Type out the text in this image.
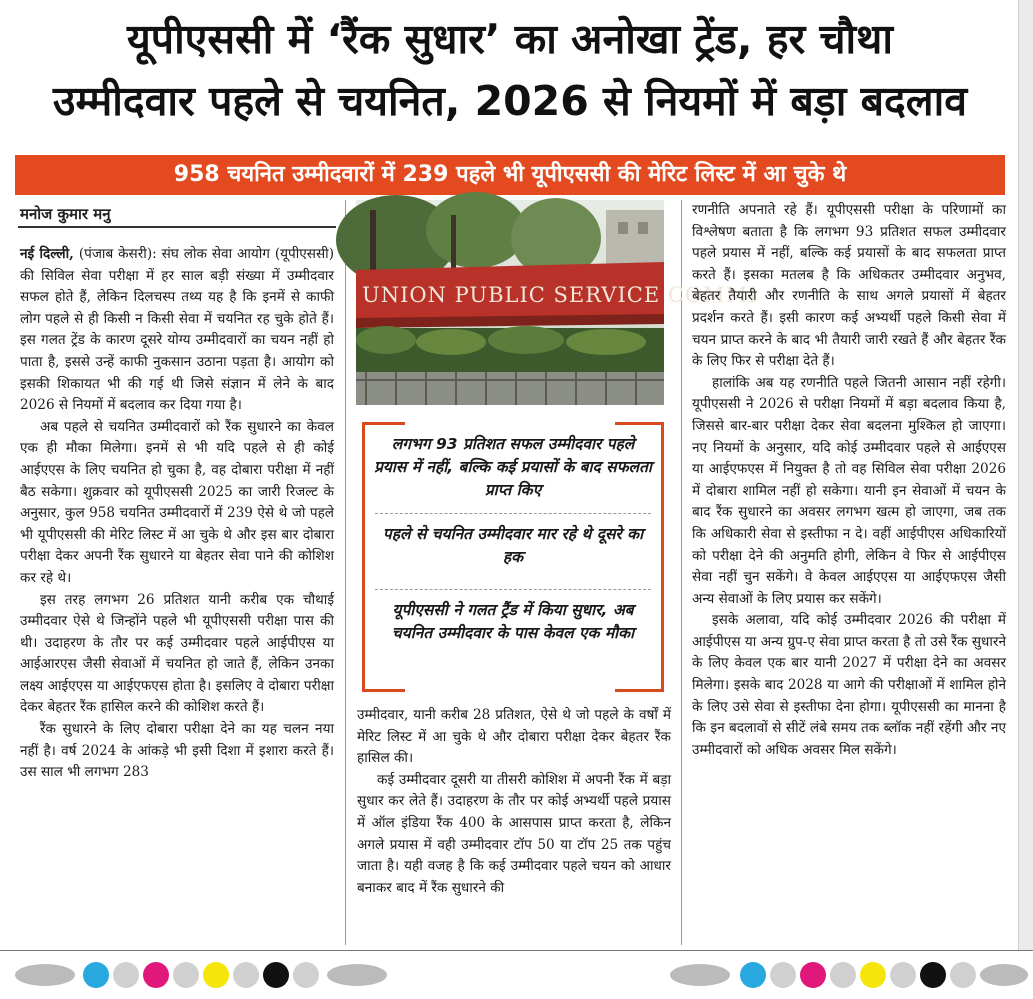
यूपीएससी में ‘रैंक सुधार’ का अनोखा ट्रेंड, हर चौथा
उम्मीदवार पहले से चयनित, 2026 से नियमों में बड़ा बदलाव
958 चयनित उम्मीदवारों में 239 पहले भी यूपीएससी की मेरिट लिस्ट में आ चुके थे
मनोज कुमार मनु

नई दिल्ली, (पंजाब केसरी): संघ लोक सेवा आयोग (यूपीएससी) की सिविल सेवा परीक्षा में हर साल बड़ी संख्या में उम्मीदवार सफल होते हैं, लेकिन दिलचस्प तथ्य यह है कि इनमें से काफी लोग पहले से ही किसी न किसी सेवा में चयनित रह चुके होते हैं। इस गलत ट्रेंड के कारण दूसरे योग्य उम्मीदवारों का चयन नहीं हो पाता है, इससे उन्हें काफी नुकसान उठाना पड़ता है। आयोग को इसकी शिकायत भी की गई थी जिसे संज्ञान में लेने के बाद 2026 से नियमों में बदलाव कर दिया गया है।

अब पहले से चयनित उम्मीदवारों को रैंक सुधारने का केवल एक ही मौका मिलेगा। इनमें से भी यदि पहले से ही कोई आईएएस के लिए चयनित हो चुका है, वह दोबारा परीक्षा में नहीं बैठ सकेगा। शुक्रवार को यूपीएससी 2025 का जारी रिजल्ट के अनुसार, कुल 958 चयनित उम्मीदवारों में 239 ऐसे थे जो पहले भी यूपीएससी की मेरिट लिस्ट में आ चुके थे और इस बार दोबारा परीक्षा देकर अपनी रैंक सुधारने या बेहतर सेवा पाने की कोशिश कर रहे थे।

इस तरह लगभग 26 प्रतिशत यानी करीब एक चौथाई उम्मीदवार ऐसे थे जिन्होंने पहले भी यूपीएससी परीक्षा पास की थी। उदाहरण के तौर पर कई उम्मीदवार पहले आईपीएस या आईआरएस जैसी सेवाओं में चयनित हो जाते हैं, लेकिन उनका लक्ष्य आईएएस या आईएफएस होता है। इसलिए वे दोबारा परीक्षा देकर बेहतर रैंक हासिल करने की कोशिश करते हैं।

रैंक सुधारने के लिए दोबारा परीक्षा देने का यह चलन नया नहीं है। वर्ष 2024 के आंकड़े भी इसी दिशा में इशारा करते हैं। उस साल भी लगभग 283

UNION PUBLIC SERVICE COMMI
लगभग 93 प्रतिशत सफल उम्मीदवार पहले प्रयास में नहीं, बल्कि कई प्रयासों के बाद सफलता प्राप्त किए
पहले से चयनित उम्मीदवार मार रहे थे दूसरे का हक
यूपीएससी ने गलत ट्रैंड में किया सुधार, अब चयनित उम्मीदवार के पास केवल एक मौका

उम्मीदवार, यानी करीब 28 प्रतिशत, ऐसे थे जो पहले के वर्षों में मेरिट लिस्ट में आ चुके थे और दोबारा परीक्षा देकर बेहतर रैंक हासिल की।

कई उम्मीदवार दूसरी या तीसरी कोशिश में अपनी रैंक में बड़ा सुधार कर लेते हैं। उदाहरण के तौर पर कोई अभ्यर्थी पहले प्रयास में ऑल इंडिया रैंक 400 के आसपास प्राप्त करता है, लेकिन अगले प्रयास में वही उम्मीदवार टॉप 50 या टॉप 25 तक पहुंच जाता है। यही वजह है कि कई उम्मीदवार पहले चयन को आधार बनाकर बाद में रैंक सुधारने की

रणनीति अपनाते रहे हैं। यूपीएससी परीक्षा के परिणामों का विश्लेषण बताता है कि लगभग 93 प्रतिशत सफल उम्मीदवार पहले प्रयास में नहीं, बल्कि कई प्रयासों के बाद सफलता प्राप्त करते हैं। इसका मतलब है कि अधिकतर उम्मीदवार अनुभव, बेहतर तैयारी और रणनीति के साथ अगले प्रयासों में बेहतर प्रदर्शन करते हैं। इसी कारण कई अभ्यर्थी पहले किसी सेवा में चयन प्राप्त करने के बाद भी तैयारी जारी रखते हैं और बेहतर रैंक के लिए फिर से परीक्षा देते हैं।

हालांकि अब यह रणनीति पहले जितनी आसान नहीं रहेगी। यूपीएससी ने 2026 से परीक्षा नियमों में बड़ा बदलाव किया है, जिससे बार-बार परीक्षा देकर सेवा बदलना मुश्किल हो जाएगा। नए नियमों के अनुसार, यदि कोई उम्मीदवार पहले से आईएएस या आईएफएस में नियुक्त है तो वह सिविल सेवा परीक्षा 2026 में दोबारा शामिल नहीं हो सकेगा। यानी इन सेवाओं में चयन के बाद रैंक सुधारने का अवसर लगभग खत्म हो जाएगा, जब तक कि अधिकारी सेवा से इस्तीफा न दे। वहीं आईपीएस अधिकारियों को परीक्षा देने की अनुमति होगी, लेकिन वे फिर से आईपीएस सेवा नहीं चुन सकेंगे। वे केवल आईएएस या आईएफएस जैसी अन्य सेवाओं के लिए प्रयास कर सकेंगे।

इसके अलावा, यदि कोई उम्मीदवार 2026 की परीक्षा में आईपीएस या अन्य ग्रुप-ए सेवा प्राप्त करता है तो उसे रैंक सुधारने के लिए केवल एक बार यानी 2027 में परीक्षा देने का अवसर मिलेगा। इसके बाद 2028 या आगे की परीक्षाओं में शामिल होने के लिए उसे सेवा से इस्तीफा देना होगा। यूपीएससी का मानना है कि इन बदलावों से सीटें लंबे समय तक ब्लॉक नहीं रहेंगी और नए उम्मीदवारों को अधिक अवसर मिल सकेंगे।
